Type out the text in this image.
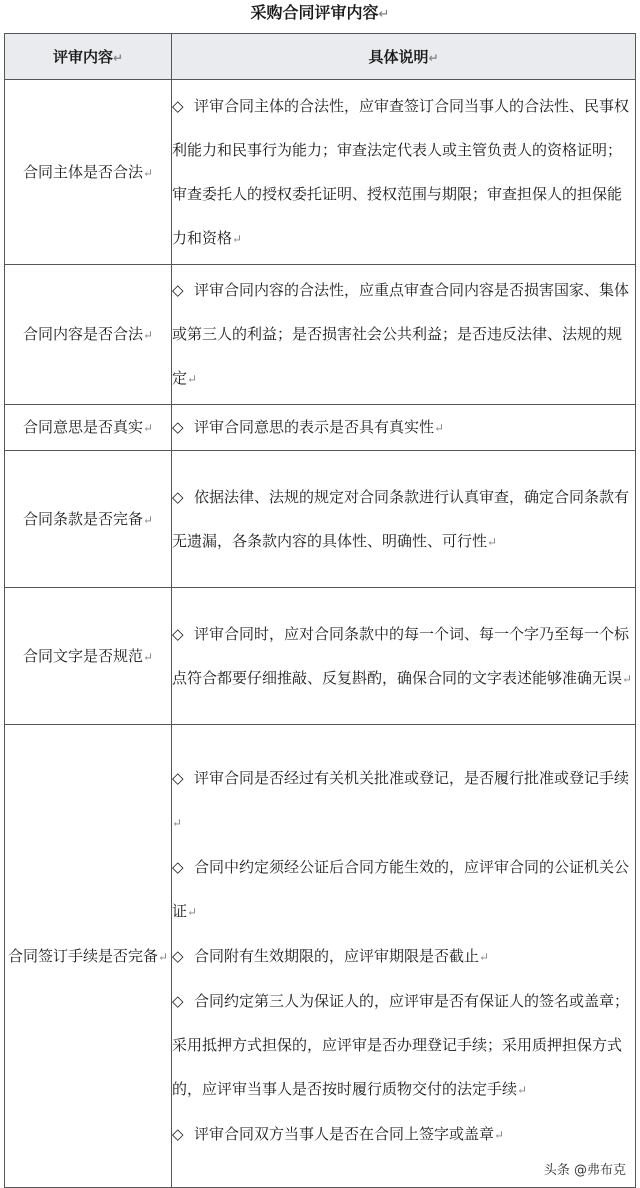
采购合同评审内容↵
评审内容↵	具体说明↵
合同主体是否合法↵	◇ 评审合同主体的合法性，应审查签订合同当事人的合法性、民事权利能力和民事行为能力；审查法定代表人或主管负责人的资格证明；审查委托人的授权委托证明、授权范围与期限；审查担保人的担保能力和资格↵

合同内容是否合法↵	◇ 评审合同内容的合法性，应重点审查合同内容是否损害国家、集体或第三人的利益；是否损害社会公共利益；是否违反法律、法规的规定↵

合同意思是否真实↵	◇ 评审合同意思的表示是否具有真实性↵

合同条款是否完备↵	◇ 依据法律、法规的规定对合同条款进行认真审查，确定合同条款有无遗漏，各条款内容的具体性、明确性、可行性↵

合同文字是否规范↵	◇ 评审合同时，应对合同条款中的每一个词、每一个字乃至每一个标点符合都要仔细推敲、反复斟酌，确保合同的文字表述能够准确无误↵

合同签订手续是否完备↵	◇ 评审合同是否经过有关机关批准或登记，是否履行批准或登记手续↵

◇ 合同中约定须经公证后合同方能生效的，应评审合同的公证机关公证↵

◇ 合同附有生效期限的，应评审期限是否截止↵

◇ 合同约定第三人为保证人的，应评审是否有保证人的签名或盖章；采用抵押方式担保的，应评审是否办理登记手续；采用质押担保方式的，应评审当事人是否按时履行质物交付的法定手续↵

◇ 评审合同双方当事人是否在合同上签字或盖章↵

头条 @弗布克
